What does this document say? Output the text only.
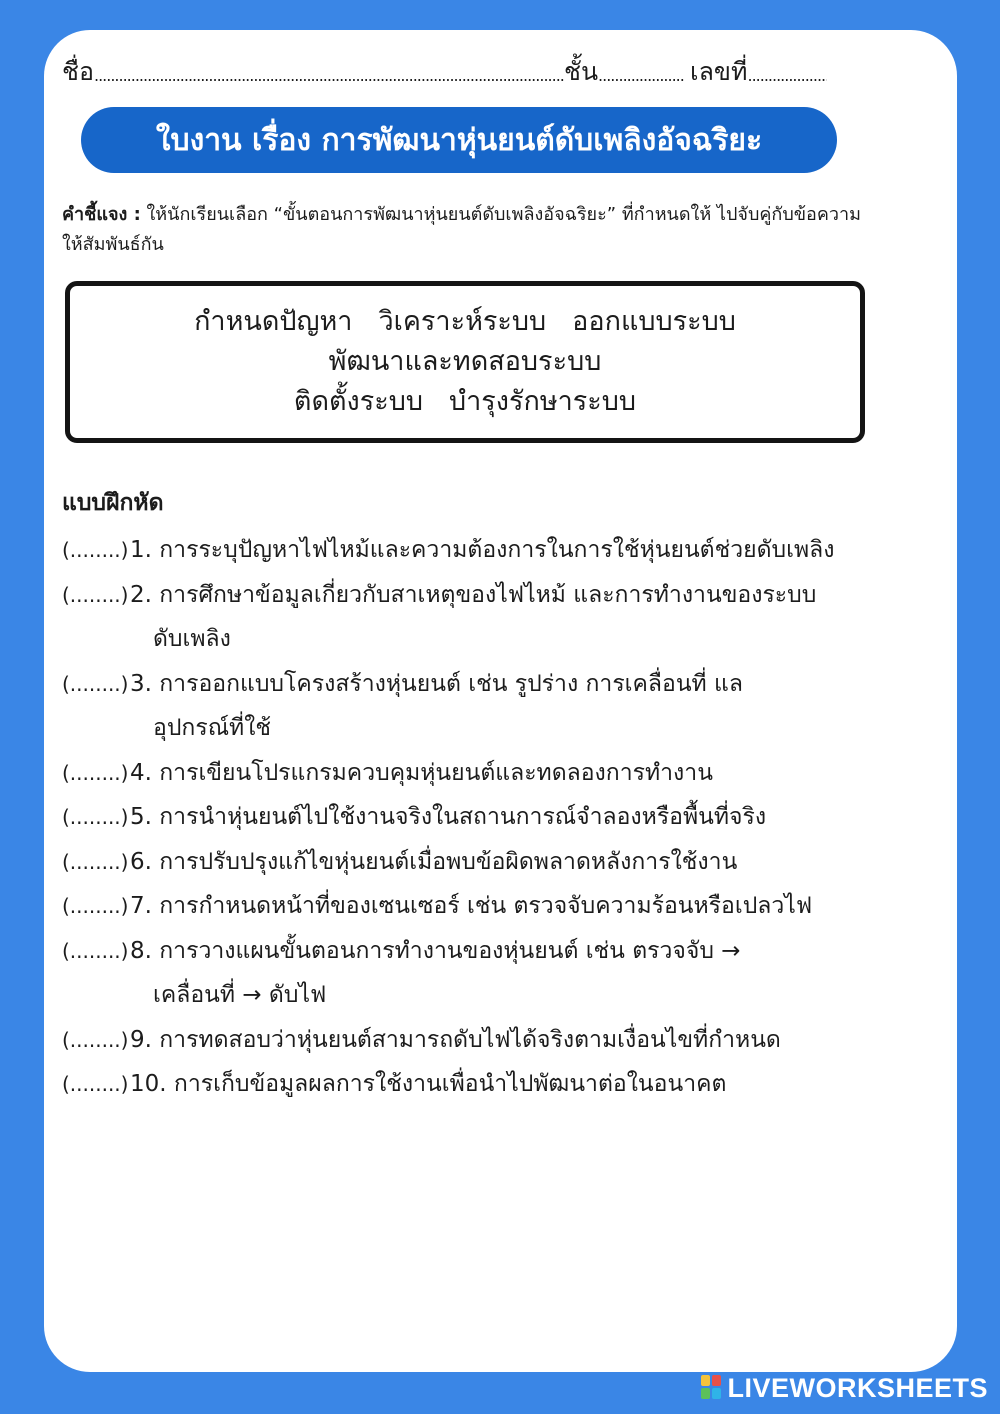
ชื่อ .....	ชั้น .....	เลขที่
.....
ใบงาน เรื่อง การพัฒนาหุ่นยนต์ดับเพลิงอัจฉริยะ
คำชี้แจง : ให้นักเรียนเลือก “ขั้นตอนการพัฒนาหุ่นยนต์ดับเพลิงอัจฉริยะ” ที่กำหนดให้ ไปจับคู่กับข้อความให้สัมพันธ์กัน
กำหนดปัญหา วิเคราะห์ระบบ ออกแบบระบบ
พัฒนาและทดสอบระบบ
ติดตั้งระบบ บำรุงรักษาระบบ
แบบฝึกหัด
(........) 1. การระบุปัญหาไฟไหม้และความต้องการในการใช้หุ่นยนต์ช่วยดับเพลิง
(........) 2. การศึกษาข้อมูลเกี่ยวกับสาเหตุของไฟไหม้ และการทำงานของระบบ
ดับเพลิง
(........) 3. การออกแบบโครงสร้างหุ่นยนต์ เช่น รูปร่าง การเคลื่อนที่ แล
อุปกรณ์ที่ใช้
(........) 4. การเขียนโปรแกรมควบคุมหุ่นยนต์และทดลองการทำงาน
(........) 5. การนำหุ่นยนต์ไปใช้งานจริงในสถานการณ์จำลองหรือพื้นที่จริง
(........) 6. การปรับปรุงแก้ไขหุ่นยนต์เมื่อพบข้อผิดพลาดหลังการใช้งาน
(........) 7. การกำหนดหน้าที่ของเซนเซอร์ เช่น ตรวจจับความร้อนหรือเปลวไฟ
(........) 8. การวางแผนขั้นตอนการทำงานของหุ่นยนต์ เช่น ตรวจจับ →
เคลื่อนที่ → ดับไฟ
(........) 9. การทดสอบว่าหุ่นยนต์สามารถดับไฟได้จริงตามเงื่อนไขที่กำหนด
(........) 10. การเก็บข้อมูลผลการใช้งานเพื่อนำไปพัฒนาต่อในอนาคต
LIVEWORKSHEETS
